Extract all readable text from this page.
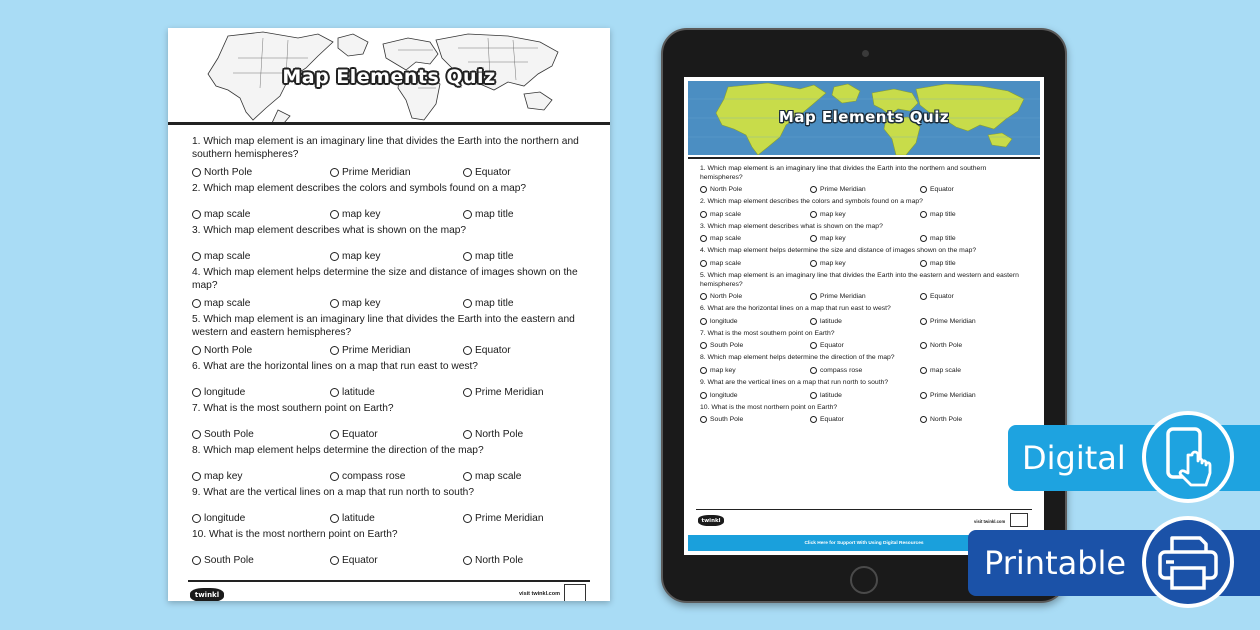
Map Elements Quiz
1. Which map element is an imaginary line that divides the Earth into the northern and southern hemispheres?
North Pole	Prime Meridian	Equator
2. Which map element describes the colors and symbols found on a map?
map scale	map key	map title
3. Which map element describes what is shown on the map?
map scale	map key	map title
4. Which map element helps determine the size and distance of images shown on the map?
map scale	map key	map title
5. Which map element is an imaginary line that divides the Earth into the eastern and western and eastern hemispheres?
North Pole	Prime Meridian	Equator
6. What are the horizontal lines on a map that run east to west?
longitude	latitude	Prime Meridian
7. What is the most southern point on Earth?
South Pole	Equator	North Pole
8. Which map element helps determine the direction of the map?
map key	compass rose	map scale
9. What are the vertical lines on a map that run north to south?
longitude	latitude	Prime Meridian
10. What is the most northern point on Earth?
South Pole	Equator	North Pole
twinkl	visit twinkl.com
Map Elements Quiz
1. Which map element is an imaginary line that divides the Earth into the northern and southern hemispheres?
North Pole	Prime Meridian	Equator
2. Which map element describes the colors and symbols found on a map?
map scale	map key	map title
3. Which map element describes what is shown on the map?
map scale	map key	map title
4. Which map element helps determine the size and distance of images shown on the map?
map scale	map key	map title
5. Which map element is an imaginary line that divides the Earth into the eastern and western and eastern hemispheres?
North Pole	Prime Meridian	Equator
6. What are the horizontal lines on a map that run east to west?
longitude	latitude	Prime Meridian
7. What is the most southern point on Earth?
South Pole	Equator	North Pole
8. Which map element helps determine the direction of the map?
map key	compass rose	map scale
9. What are the vertical lines on a map that run north to south?
longitude	latitude	Prime Meridian
10. What is the most northern point on Earth?
South Pole	Equator	North Pole
twinkl	visit twinkl.com
Click Here for Support With Using Digital Resources
Digital
Printable
